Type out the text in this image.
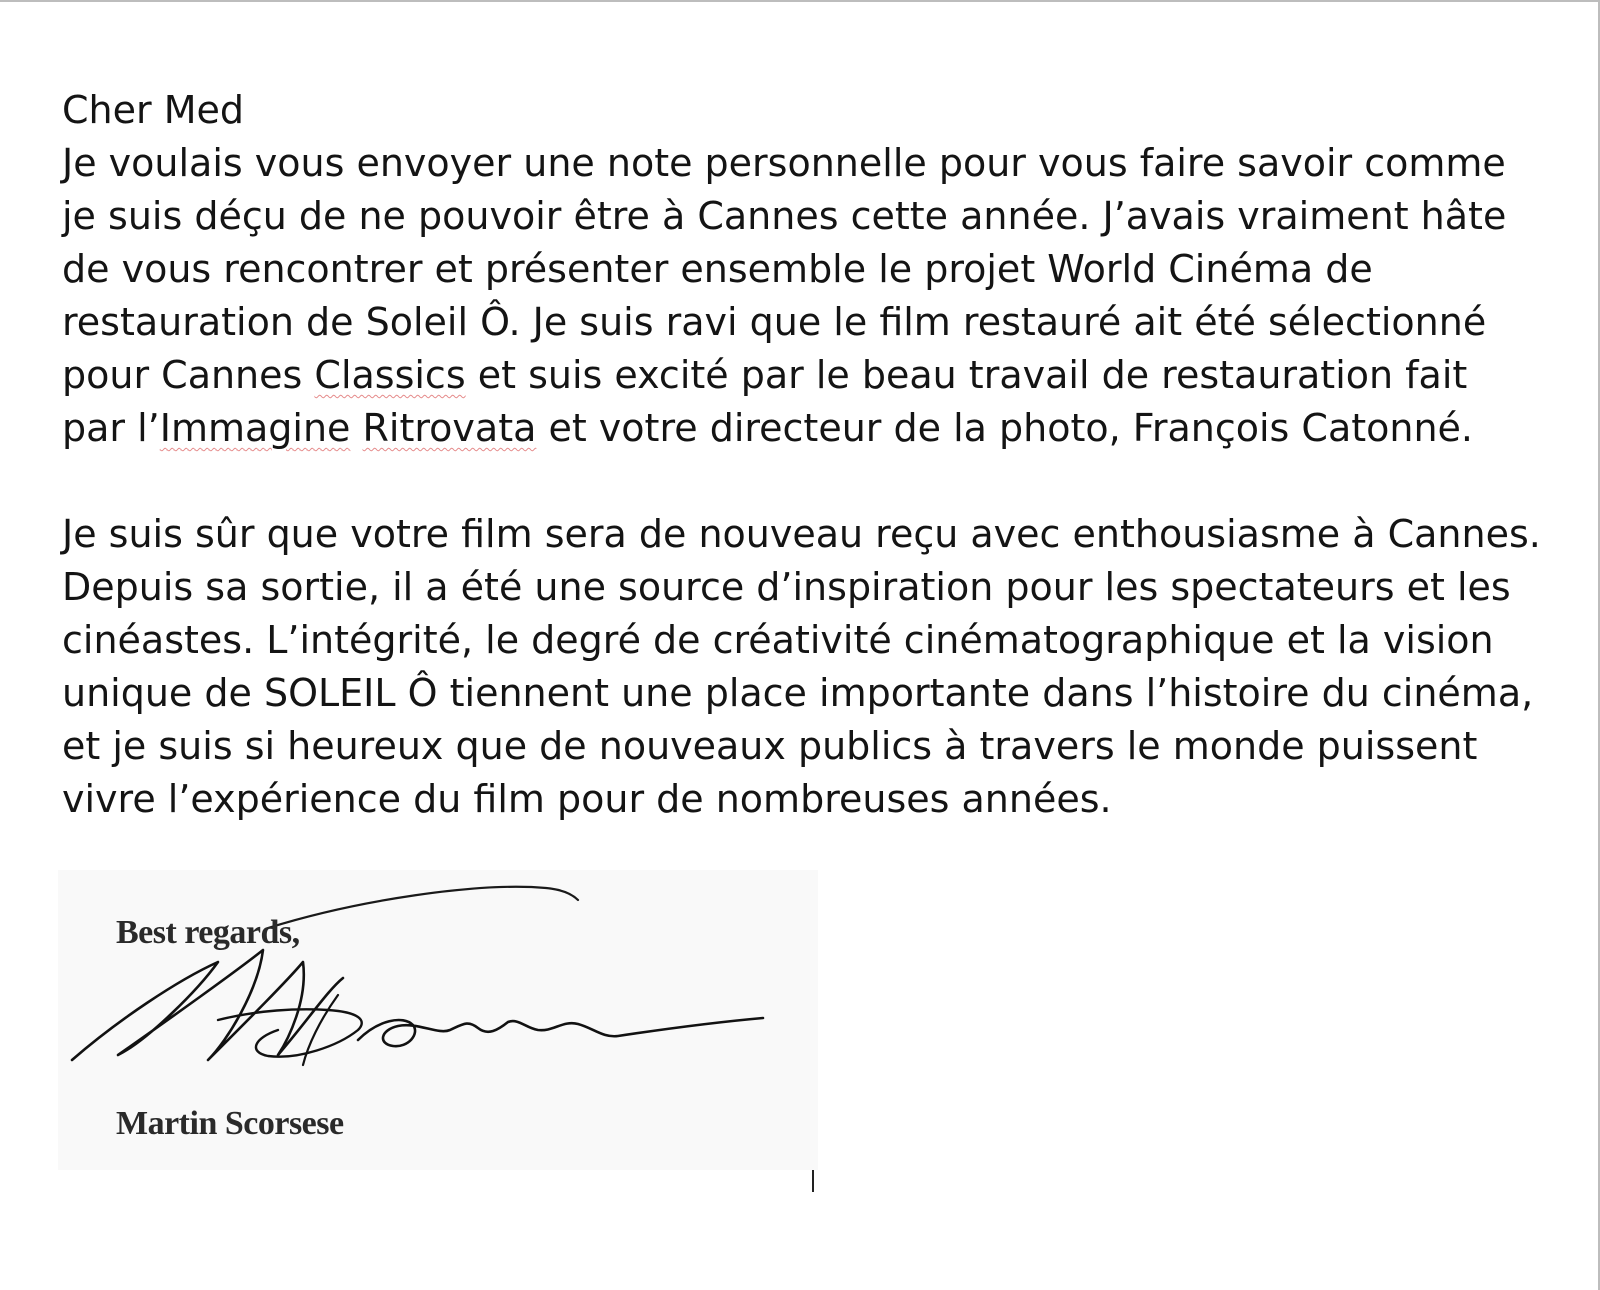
Cher Med

Je voulais vous envoyer une note personnelle pour vous faire savoir comme je suis déçu de ne pouvoir être à Cannes cette année. J’avais vraiment hâte de vous rencontrer et présenter ensemble le projet World Cinéma de restauration de Soleil Ô. Je suis ravi que le film restauré ait été sélectionné pour Cannes Classics et suis excité par le beau travail de restauration fait par l’Immagine Ritrovata et votre directeur de la photo, François Catonné.

Je suis sûr que votre film sera de nouveau reçu avec enthousiasme à Cannes. Depuis sa sortie, il a été une source d’inspiration pour les spectateurs et les cinéastes. L’intégrité, le degré de créativité cinématographique et la vision unique de SOLEIL Ô tiennent une place importante dans l’histoire du cinéma, et je suis si heureux que de nouveaux publics à travers le monde puissent vivre l’expérience du film pour de nombreuses années.

Best regards,

Martin Scorsese
